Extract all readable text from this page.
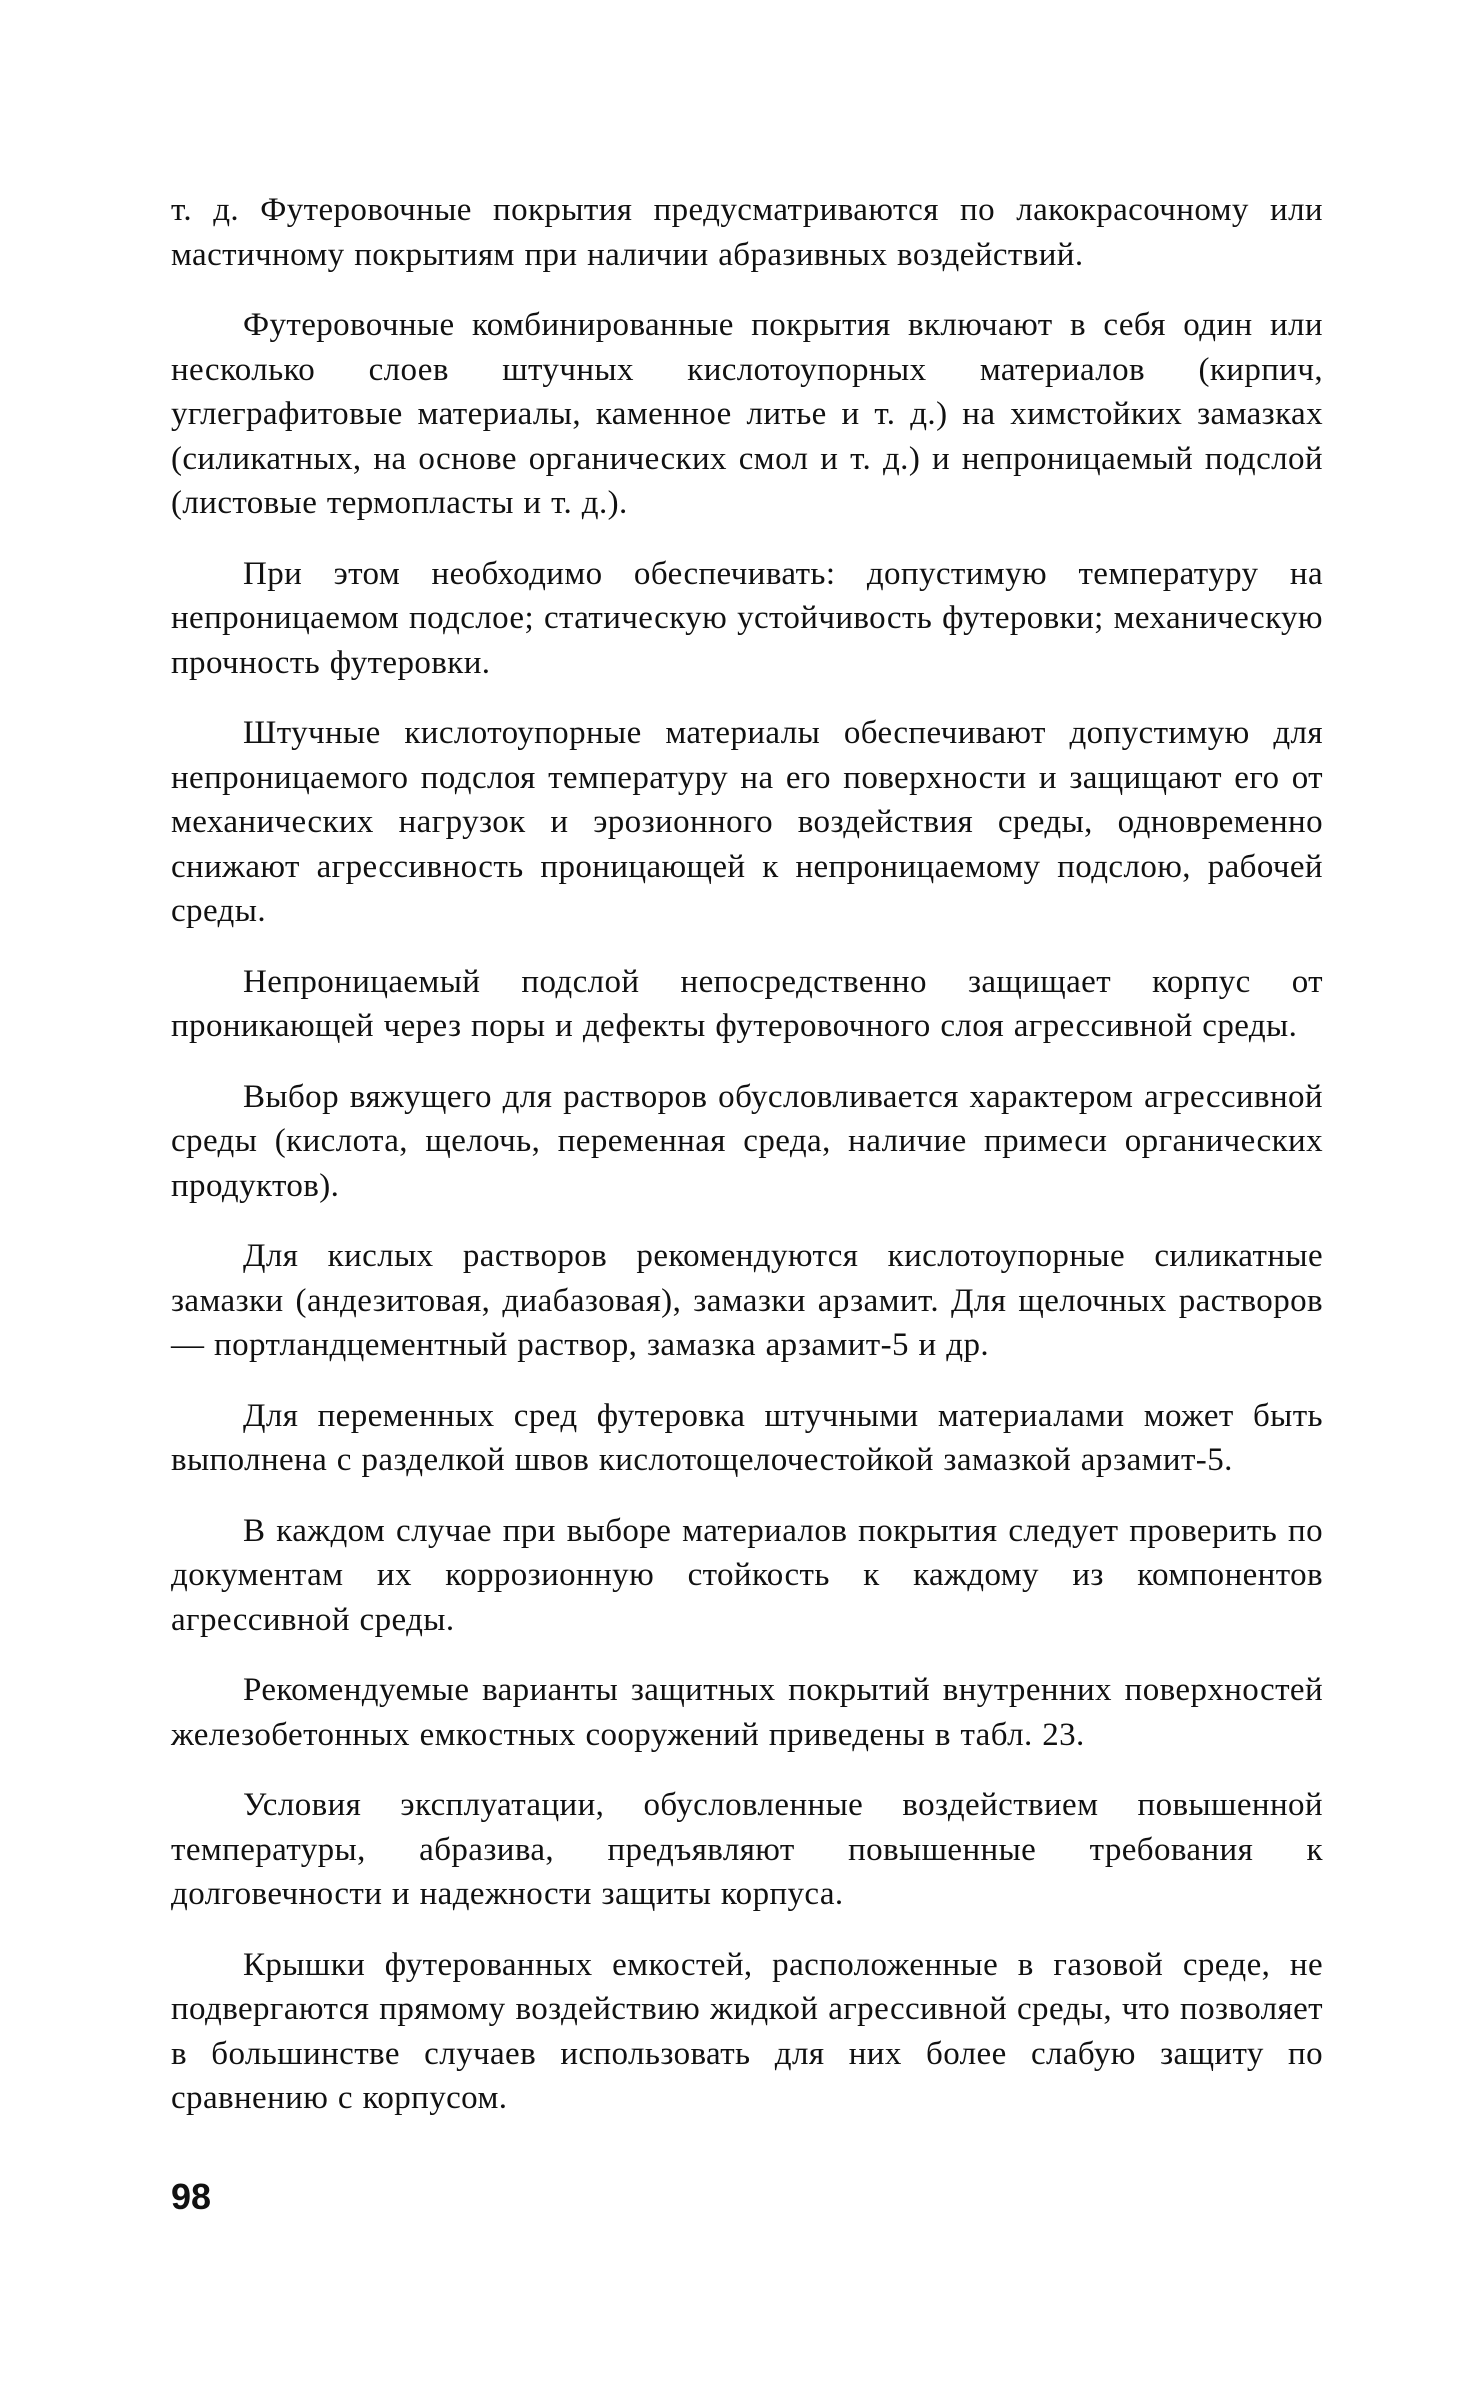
т. д. Футеровочные покрытия предусматриваются по лакокрасочному или мастичному покрытиям при наличии абразивных воздействий.

Футеровочные комбинированные покрытия включают в себя один или несколько слоев штучных кислотоупорных материалов (кирпич, углеграфитовые материалы, каменное литье и т. д.) на химстойких замазках (силикатных, на основе органических смол и т. д.) и непроницаемый подслой (листовые термопласты и т. д.).

При этом необходимо обеспечивать: допустимую температуру на непроницаемом подслое; статическую устойчивость футеровки; механическую прочность футеровки.

Штучные кислотоупорные материалы обеспечивают допустимую для непроницаемого подслоя температуру на его поверхности и защищают его от механических нагрузок и эрозионного воздействия среды, одновременно снижают агрессивность проницающей к непроницаемому подслою, рабочей среды.

Непроницаемый подслой непосредственно защищает корпус от проникающей через поры и дефекты футеровочного слоя агрессивной среды.

Выбор вяжущего для растворов обусловливается характером агрессивной среды (кислота, щелочь, переменная среда, наличие примеси органических продуктов).

Для кислых растворов рекомендуются кислотоупорные силикатные замазки (андезитовая, диабазовая), замазки арзамит. Для щелочных растворов — портландцементный раствор, замазка арзамит-5 и др.

Для переменных сред футеровка штучными материалами может быть выполнена с разделкой швов кислотощелочестойкой замазкой арзамит-5.

В каждом случае при выборе материалов покрытия следует проверить по документам их коррозионную стойкость к каждому из компонентов агрессивной среды.

Рекомендуемые варианты защитных покрытий внутренних поверхностей железобетонных емкостных сооружений приведены в табл. 23.

Условия эксплуатации, обусловленные воздействием повышенной температуры, абразива, предъявляют повышенные требования к долговечности и надежности защиты корпуса.

Крышки футерованных емкостей, расположенные в газовой среде, не подвергаются прямому воздействию жидкой агрессивной среды, что позволяет в большинстве случаев использовать для них более слабую защиту по сравнению с корпусом.

98
